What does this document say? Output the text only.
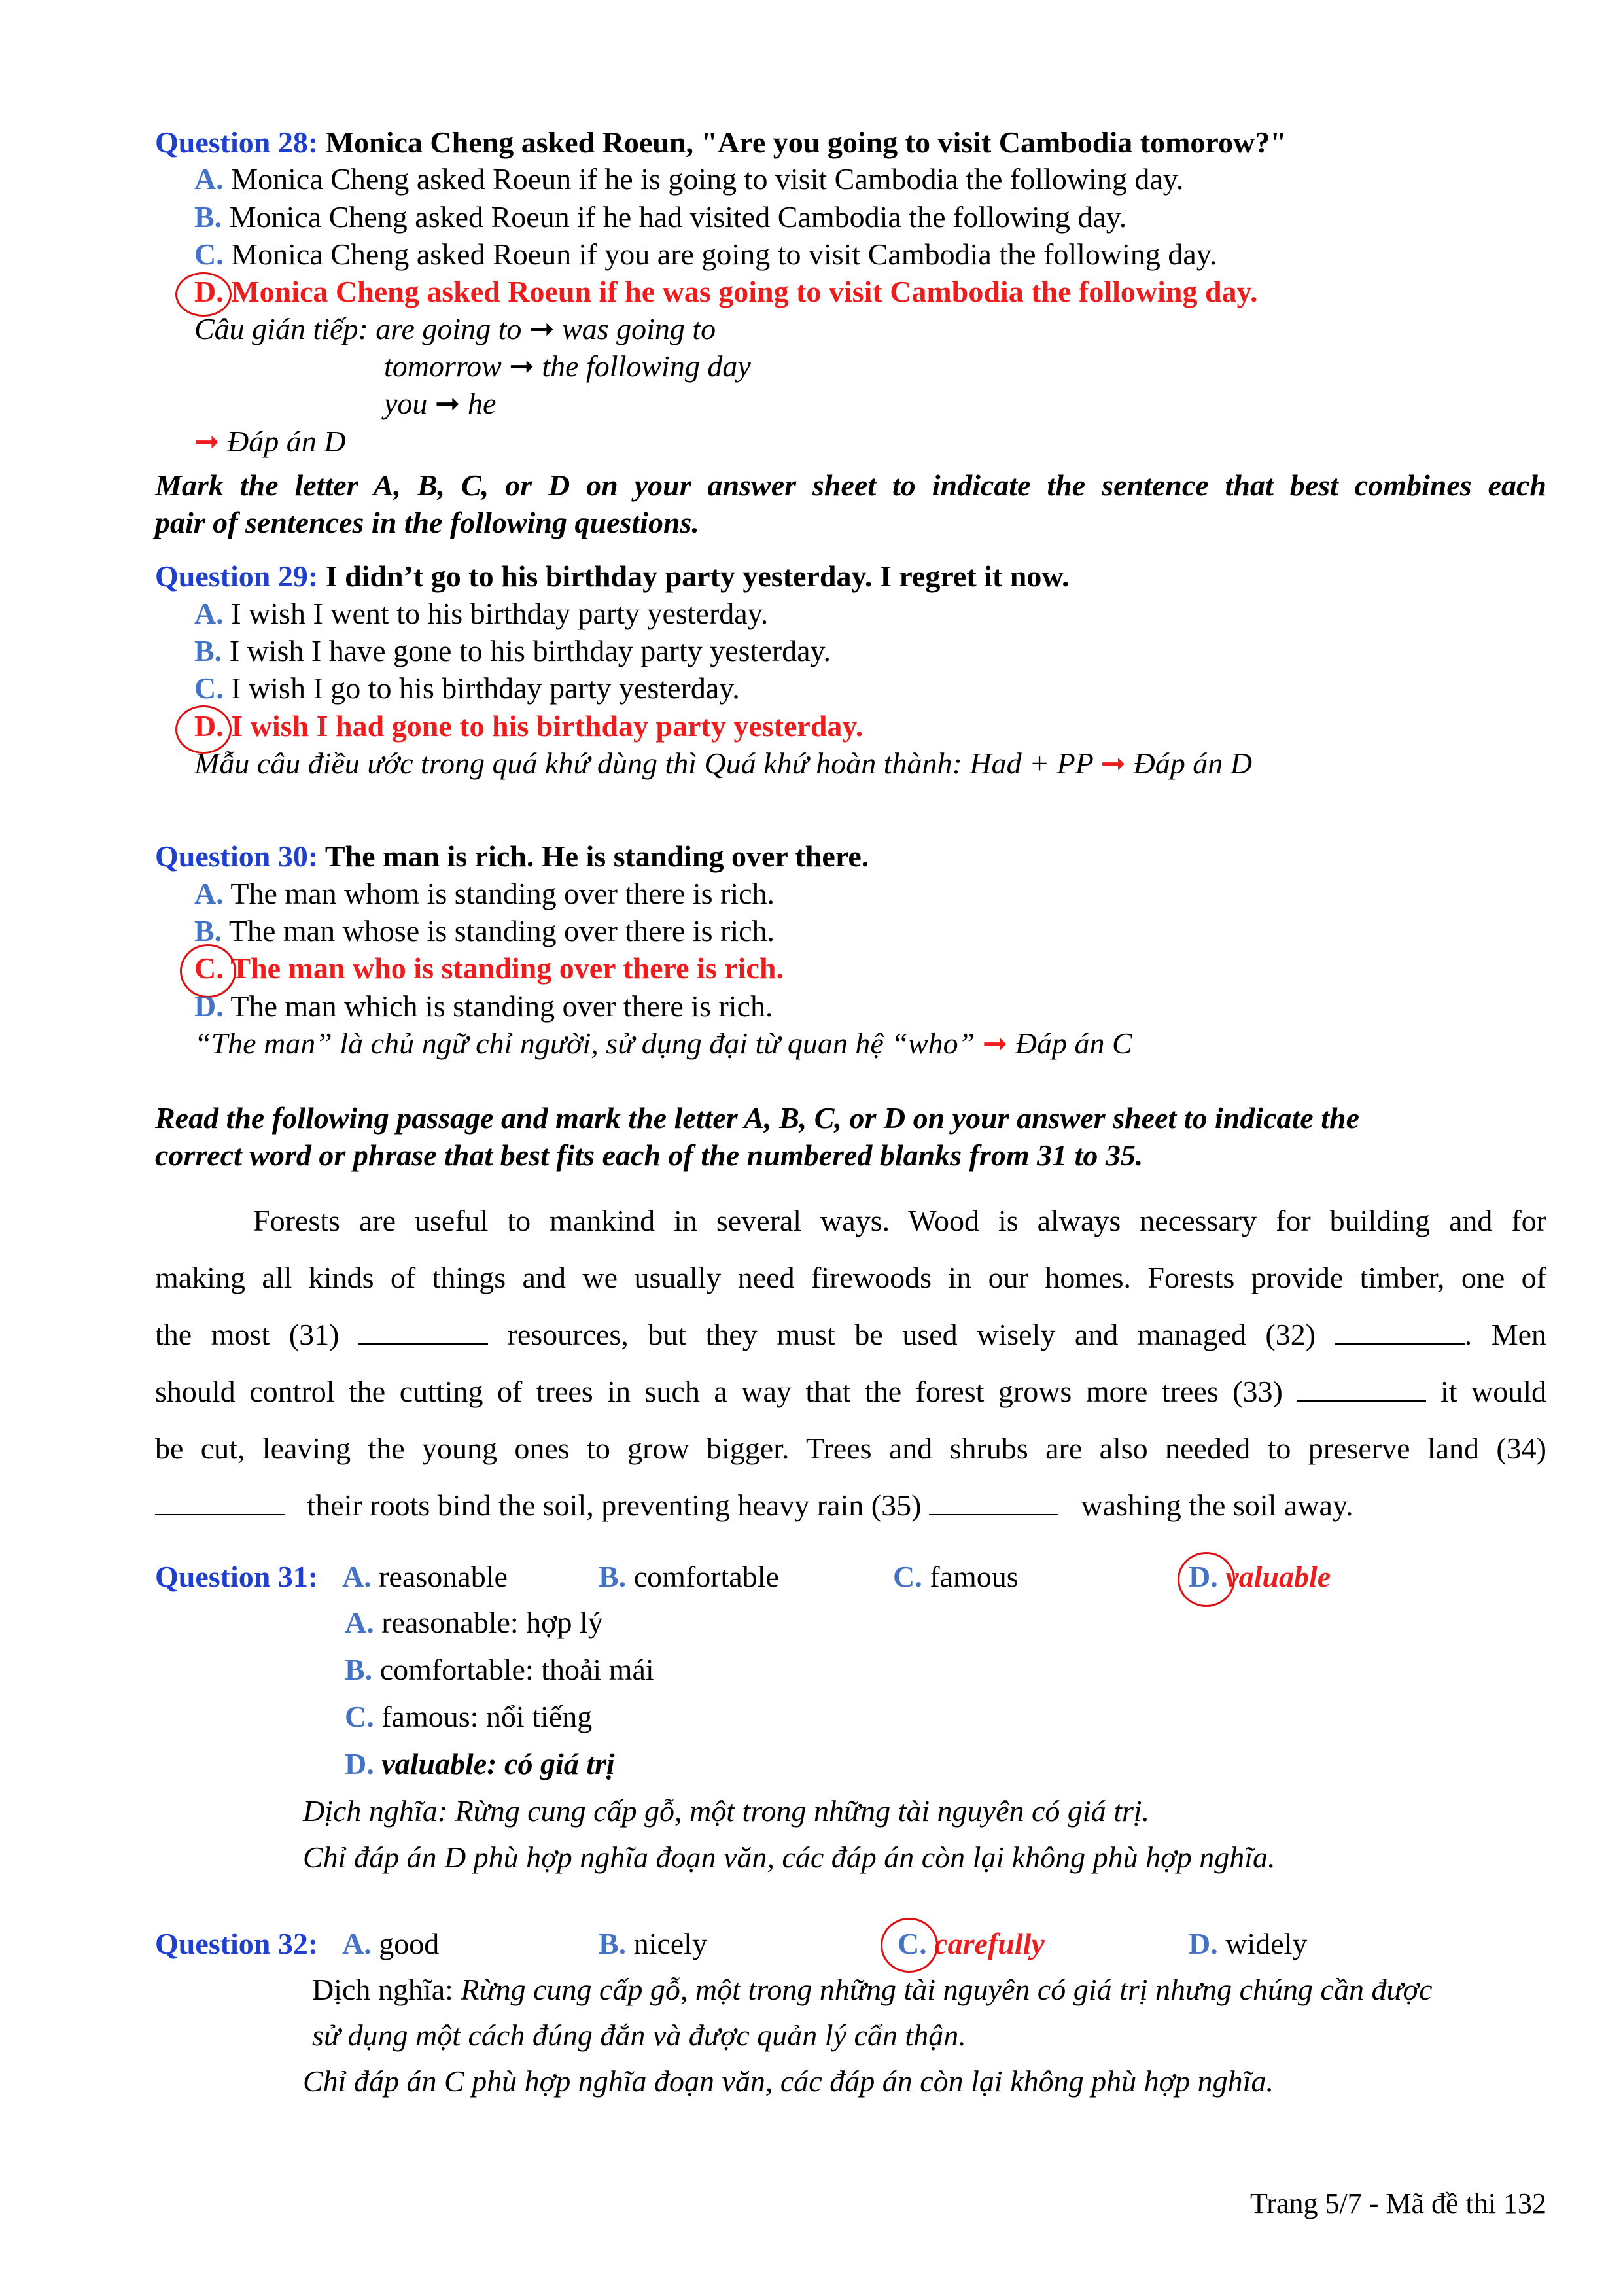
Question 28: Monica Cheng asked Roeun, "Are you going to visit Cambodia tomorow?"
A. Monica Cheng asked Roeun if he is going to visit Cambodia the following day.
B. Monica Cheng asked Roeun if he had visited Cambodia the following day.
C. Monica Cheng asked Roeun if you are going to visit Cambodia the following day.
D. Monica Cheng asked Roeun if he was going to visit Cambodia the following day.
Câu gián tiếp: are going to ➞ was going to
tomorrow ➞ the following day
you ➞ he
➞ Đáp án D
Mark the letter A, B, C, or D on your answer sheet to indicate the sentence that best combines each
pair of sentences in the following questions.
Question 29: I didn’t go to his birthday party yesterday. I regret it now.
A. I wish I went to his birthday party yesterday.
B. I wish I have gone to his birthday party yesterday.
C. I wish I go to his birthday party yesterday.
D. I wish I had gone to his birthday party yesterday.
Mẫu câu điều ước trong quá khứ dùng thì Quá khứ hoàn thành: Had + PP ➞ Đáp án D
Question 30: The man is rich. He is standing over there.
A. The man whom is standing over there is rich.
B. The man whose is standing over there is rich.
C. The man who is standing over there is rich.
D. The man which is standing over there is rich.
“The man” là chủ ngữ chỉ người, sử dụng đại từ quan hệ “who” ➞ Đáp án C
Read the following passage and mark the letter A, B, C, or D on your answer sheet to indicate the
correct word or phrase that best fits each of the numbered blanks from 31 to 35.
Forests are useful to mankind in several ways. Wood is always necessary for building and for
making all kinds of things and we usually need firewoods in our homes. Forests provide timber, one of
the most (31)	resources, but they must be used wisely and managed (32)	. Men
should control the cutting of trees in such a way that the forest grows more trees (33)	it would
be cut, leaving the young ones to grow bigger. Trees and shrubs are also needed to preserve land (34)
their roots bind the soil, preventing heavy rain (35)	washing the soil away.
Question 31: A. reasonable	B. comfortable	C. famous	D. valuable
A. reasonable: hợp lý
B. comfortable: thoải mái
C. famous: nổi tiếng
D. valuable: có giá trị
Dịch nghĩa: Rừng cung cấp gỗ, một trong những tài nguyên có giá trị.
Chỉ đáp án D phù hợp nghĩa đoạn văn, các đáp án còn lại không phù hợp nghĩa.
Question 32: A. good	B. nicely	C. carefully	D. widely
Dịch nghĩa: Rừng cung cấp gỗ, một trong những tài nguyên có giá trị nhưng chúng cần được
sử dụng một cách đúng đắn và được quản lý cẩn thận.
Chỉ đáp án C phù hợp nghĩa đoạn văn, các đáp án còn lại không phù hợp nghĩa.
Trang 5/7 - Mã đề thi 132
